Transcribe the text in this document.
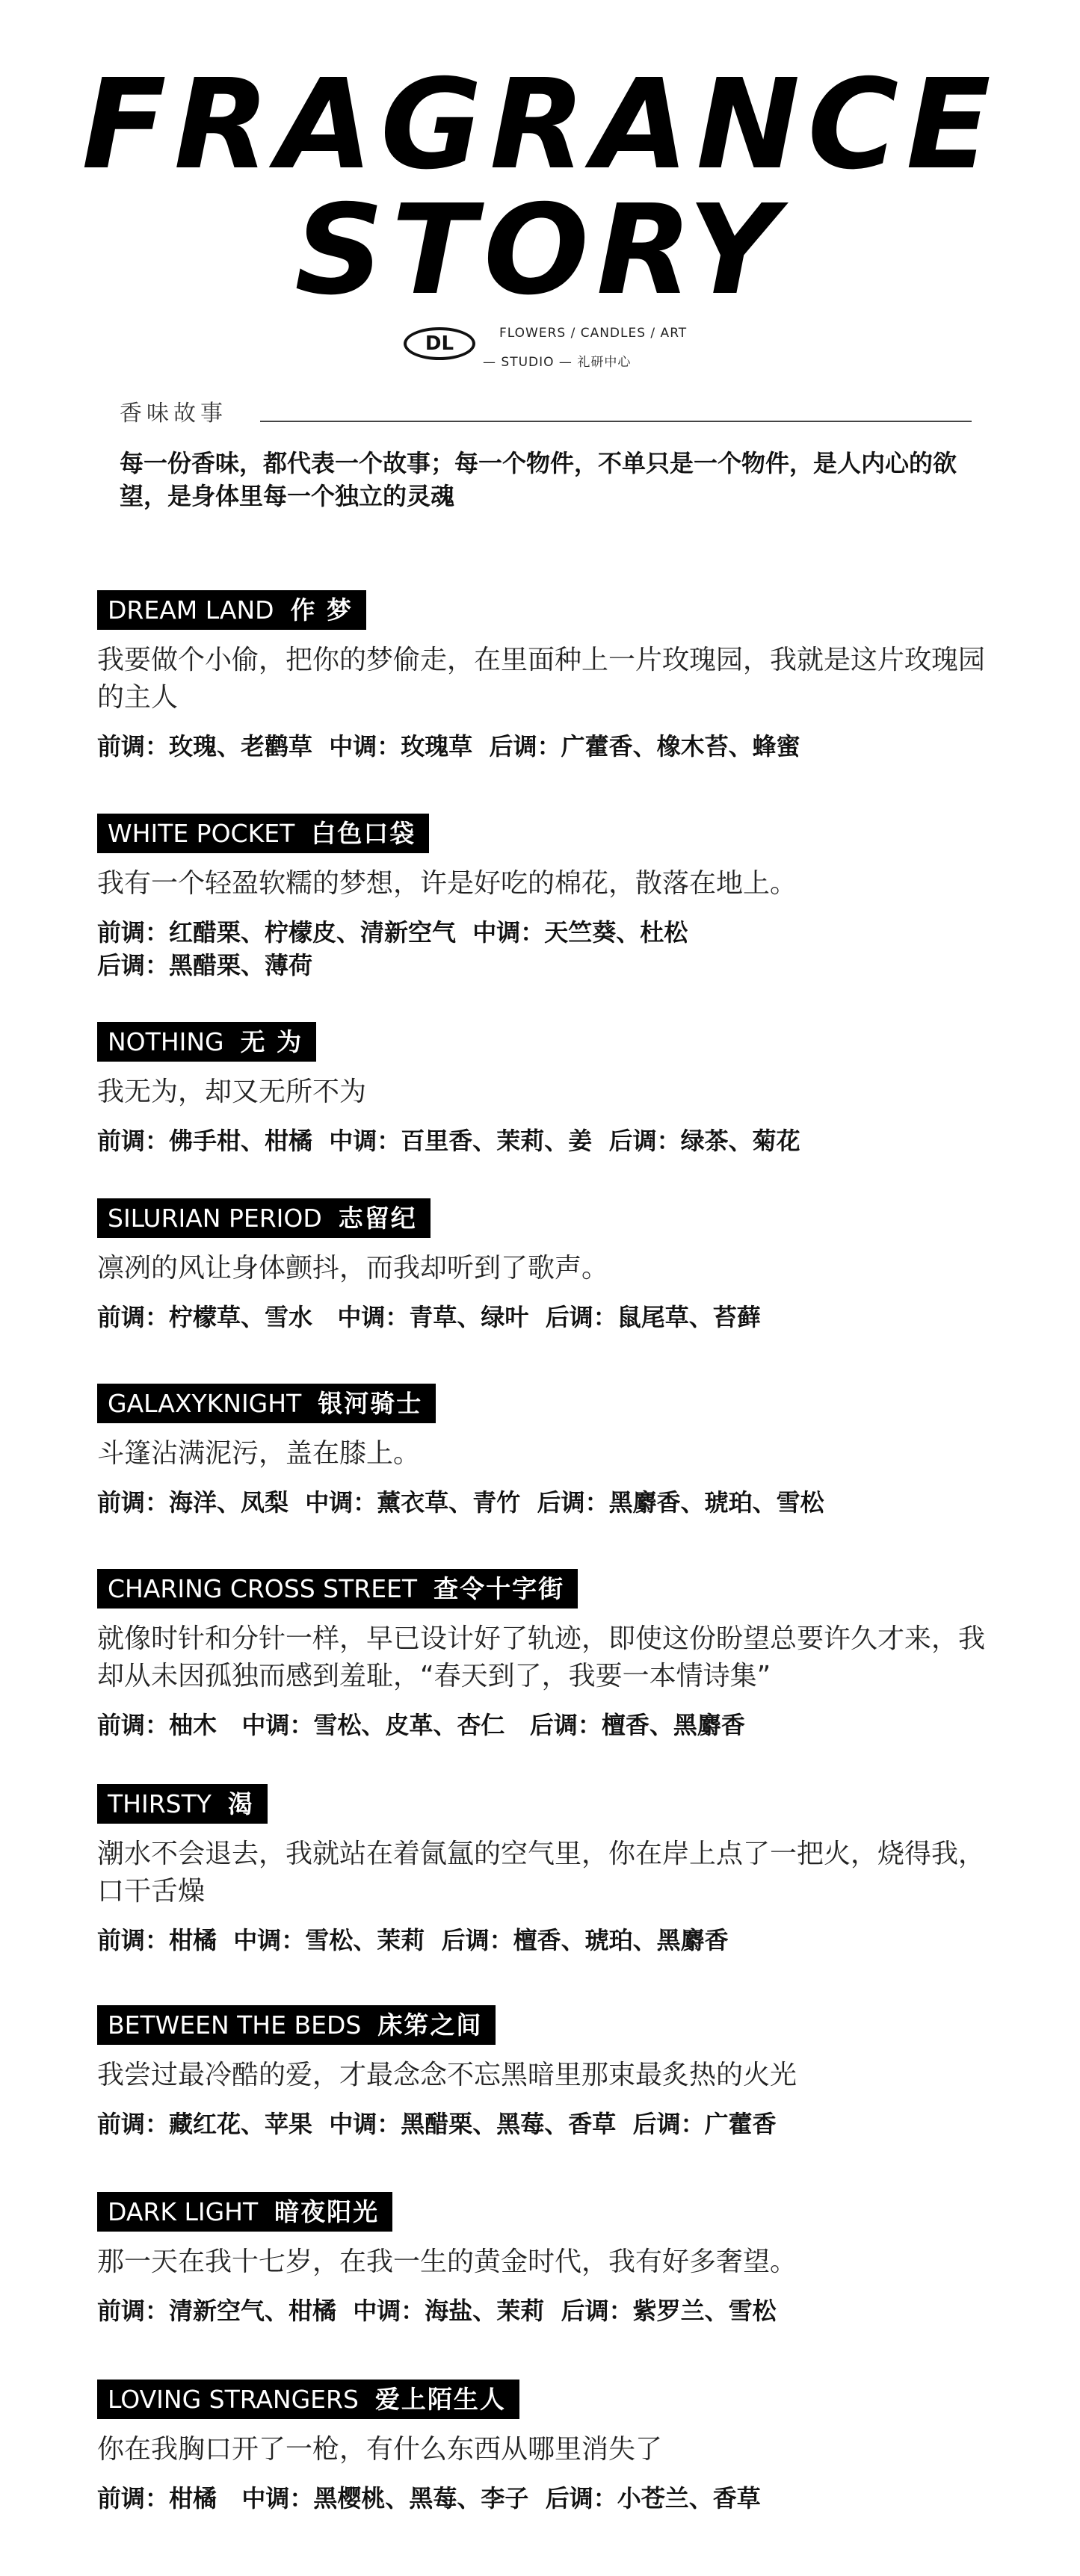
FRAGRANCE
STORY
DL	FLOWERS / CANDLES / ART
— STUDIO — 礼研中心
香味故事
每一份香味，都代表一个故事；每一个物件，不单只是一个物件，是人内心的欲望，是身体里每一个独立的灵魂
DREAM LAND 作 梦
我要做个小偷，把你的梦偷走，在里面种上一片玫瑰园，我就是这片玫瑰园的主人
前调：玫瑰、老鹳草  中调：玫瑰草  后调：广藿香、橡木苔、蜂蜜
WHITE POCKET 白色口袋
我有一个轻盈软糯的梦想，许是好吃的棉花，散落在地上。
前调：红醋栗、柠檬皮、清新空气  中调：天竺葵、杜松
后调：黑醋栗、薄荷
NOTHING 无 为
我无为，却又无所不为
前调：佛手柑、柑橘  中调：百里香、茉莉、姜  后调：绿茶、菊花
SILURIAN PERIOD 志留纪
凛冽的风让身体颤抖，而我却听到了歌声。
前调：柠檬草、雪水   中调：青草、绿叶  后调：鼠尾草、苔藓
GALAXYKNIGHT 银河骑士
斗篷沾满泥污，盖在膝上。
前调：海洋、凤梨  中调：薰衣草、青竹  后调：黑麝香、琥珀、雪松
CHARING CROSS STREET 查令十字街
就像时针和分针一样，早已设计好了轨迹，即使这份盼望总要许久才来，我却从未因孤独而感到羞耻，“春天到了，我要一本情诗集”
前调：柚木   中调：雪松、皮革、杏仁   后调：檀香、黑麝香
THIRSTY 渴
潮水不会退去，我就站在着氤氲的空气里，你在岸上点了一把火，烧得我，口干舌燥
前调：柑橘  中调：雪松、茉莉  后调：檀香、琥珀、黑麝香
BETWEEN THE BEDS 床笫之间
我尝过最冷酷的爱，才最念念不忘黑暗里那束最炙热的火光
前调：藏红花、苹果  中调：黑醋栗、黑莓、香草  后调：广藿香
DARK LIGHT 暗夜阳光
那一天在我十七岁，在我一生的黄金时代，我有好多奢望。
前调：清新空气、柑橘  中调：海盐、茉莉  后调：紫罗兰、雪松
LOVING STRANGERS 爱上陌生人
你在我胸口开了一枪，有什么东西从哪里消失了
前调：柑橘   中调：黑樱桃、黑莓、李子  后调：小苍兰、香草
